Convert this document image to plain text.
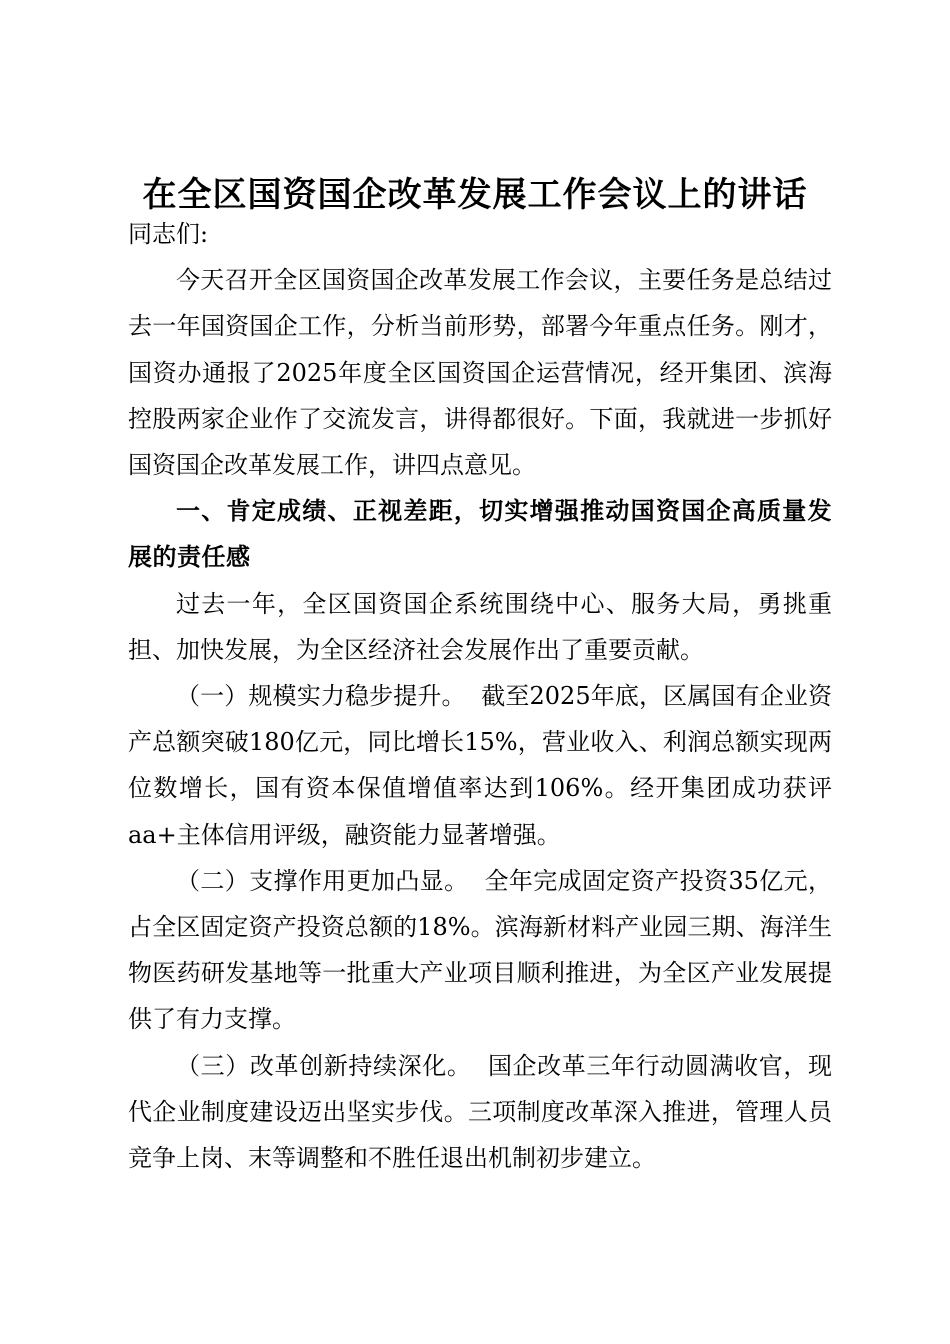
在全区国资国企改革发展工作会议上的讲话

同志们:

今天召开全区国资国企改革发展工作会议，主要任务是总结过去一年国资国企工作，分析当前形势，部署今年重点任务。刚才，国资办通报了2025年度全区国资国企运营情况，经开集团、滨海控股两家企业作了交流发言，讲得都很好。下面，我就进一步抓好国资国企改革发展工作，讲四点意见。

一、肯定成绩、正视差距，切实增强推动国资国企高质量发展的责任感

过去一年，全区国资国企系统围绕中心、服务大局，勇挑重担、加快发展，为全区经济社会发展作出了重要贡献。

（一）规模实力稳步提升。 截至2025年底，区属国有企业资产总额突破180亿元，同比增长15%，营业收入、利润总额实现两位数增长，国有资本保值增值率达到106%。经开集团成功获评aa+主体信用评级，融资能力显著增强。

（二）支撑作用更加凸显。 全年完成固定资产投资35亿元，占全区固定资产投资总额的18%。滨海新材料产业园三期、海洋生物医药研发基地等一批重大产业项目顺利推进，为全区产业发展提供了有力支撑。

（三）改革创新持续深化。 国企改革三年行动圆满收官，现代企业制度建设迈出坚实步伐。三项制度改革深入推进，管理人员竞争上岗、末等调整和不胜任退出机制初步建立。
